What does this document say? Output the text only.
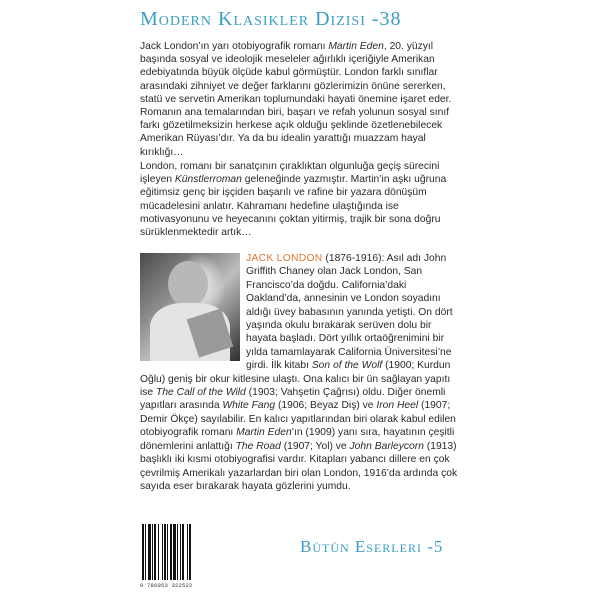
Modern Klasikler Dizisi -38

Jack London’ın yarı otobiyografik romanı Martin Eden, 20. yüzyıl başında sosyal ve ideolojik meseleler ağırlıklı içeriğiyle Amerikan edebiyatında büyük ölçüde kabul görmüştür. London farklı sınıflar arasındaki zihniyet ve değer farklarını gözlerimizin önüne sererken, statü ve servetin Amerikan toplumundaki hayati önemine işaret eder. Romanın ana temalarından biri, başarı ve refah yolunun sosyal sınıf farkı gözetilmeksizin herkese açık olduğu şeklinde özetlenebilecek Amerikan Rüyası’dır. Ya da bu idealin yarattığı muazzam hayal kırıklığı…

London, romanı bir sanatçının çıraklıktan olgunluğa geçiş sürecini işleyen Künstlerroman geleneğinde yazmıştır. Martin’in aşkı uğruna eğitimsiz genç bir işçiden başarılı ve rafine bir yazara dönüşüm mücadelesini anlatır. Kahramanı hedefine ulaştığında ise motivasyonunu ve heyecanını çoktan yitirmiş, trajik bir sona doğru sürüklenmektedir artık…

JACK LONDON (1876-1916): Asıl adı John Griffith Chaney olan Jack London, San Francisco’da doğdu. California’daki Oakland’da, annesinin ve London soyadını aldığı üvey babasının yanında yetişti. On dört yaşında okulu bırakarak serüven dolu bir hayata başladı. Dört yıllık ortaöğrenimini bir yılda tamamlayarak California Üniversitesi’ne girdi. İlk kitabı Son of the Wolf (1900; Kurdun Oğlu) geniş bir okur kitlesine ulaştı. Ona kalıcı bir ün sağlayan yapıtı ise The Call of the Wild (1903; Vahşetin Çağrısı) oldu. Diğer önemli yapıtları arasında White Fang (1906; Beyaz Diş) ve Iron Heel (1907; Demir Ökçe) sayılabilir. En kalıcı yapıtlarından biri olarak kabul edilen otobiyografik romanı Martin Eden’ın (1909) yanı sıra, hayatının çeşitli dönemlerini anlattığı The Road (1907; Yol) ve John Barleycorn (1913) başlıklı iki kısmi otobiyografisi vardır. Kitapları yabancı dillere en çok çevrilmiş Amerikalı yazarlardan biri olan London, 1916’da ardında çok sayıda eser bırakarak hayata gözlerini yumdu.

Bütün Eserleri -5
9 786053 322522
